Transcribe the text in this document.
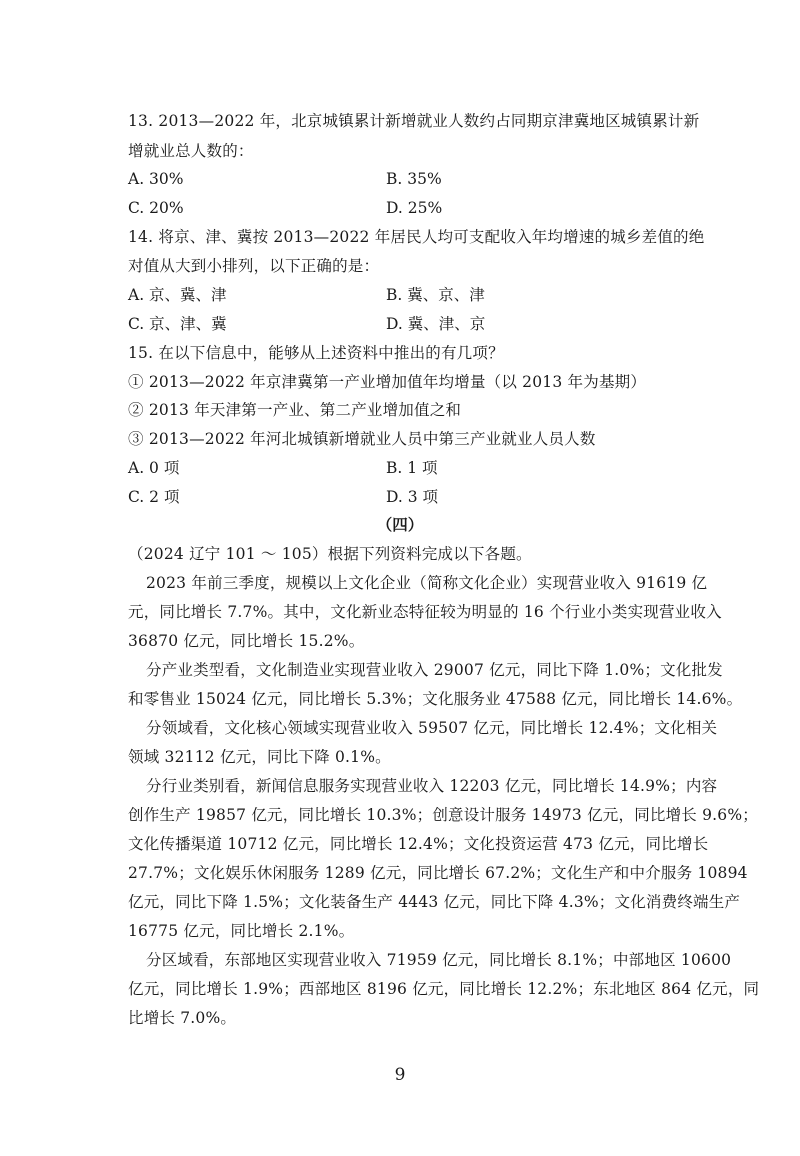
13. 2013—2022 年，北京城镇累计新增就业人数约占同期京津冀地区城镇累计新
增就业总人数的：
A. 30%	B. 35%
C. 20%	D. 25%
14. 将京、津、冀按 2013—2022 年居民人均可支配收入年均增速的城乡差值的绝
对值从大到小排列，以下正确的是：
A. 京、冀、津	B. 冀、京、津
C. 京、津、冀	D. 冀、津、京
15. 在以下信息中，能够从上述资料中推出的有几项？
① 2013—2022 年京津冀第一产业增加值年均增量（以 2013 年为基期）
② 2013 年天津第一产业、第二产业增加值之和
③ 2013—2022 年河北城镇新增就业人员中第三产业就业人员人数
A. 0 项	B. 1 项
C. 2 项	D. 3 项
（四）
（2024 辽宁 101 ～ 105）根据下列资料完成以下各题。
2023 年前三季度，规模以上文化企业（简称文化企业）实现营业收入 91619 亿
元，同比增长 7.7%。其中，文化新业态特征较为明显的 16 个行业小类实现营业收入
36870 亿元，同比增长 15.2%。
分产业类型看，文化制造业实现营业收入 29007 亿元，同比下降 1.0%；文化批发
和零售业 15024 亿元，同比增长 5.3%；文化服务业 47588 亿元，同比增长 14.6%。
分领域看，文化核心领域实现营业收入 59507 亿元，同比增长 12.4%；文化相关
领域 32112 亿元，同比下降 0.1%。
分行业类别看，新闻信息服务实现营业收入 12203 亿元，同比增长 14.9%；内容
创作生产 19857 亿元，同比增长 10.3%；创意设计服务 14973 亿元，同比增长 9.6%；
文化传播渠道 10712 亿元，同比增长 12.4%；文化投资运营 473 亿元，同比增长
27.7%；文化娱乐休闲服务 1289 亿元，同比增长 67.2%；文化生产和中介服务 10894
亿元，同比下降 1.5%；文化装备生产 4443 亿元，同比下降 4.3%；文化消费终端生产
16775 亿元，同比增长 2.1%。
分区域看，东部地区实现营业收入 71959 亿元，同比增长 8.1%；中部地区 10600
亿元，同比增长 1.9%；西部地区 8196 亿元，同比增长 12.2%；东北地区 864 亿元，同
比增长 7.0%。
9
